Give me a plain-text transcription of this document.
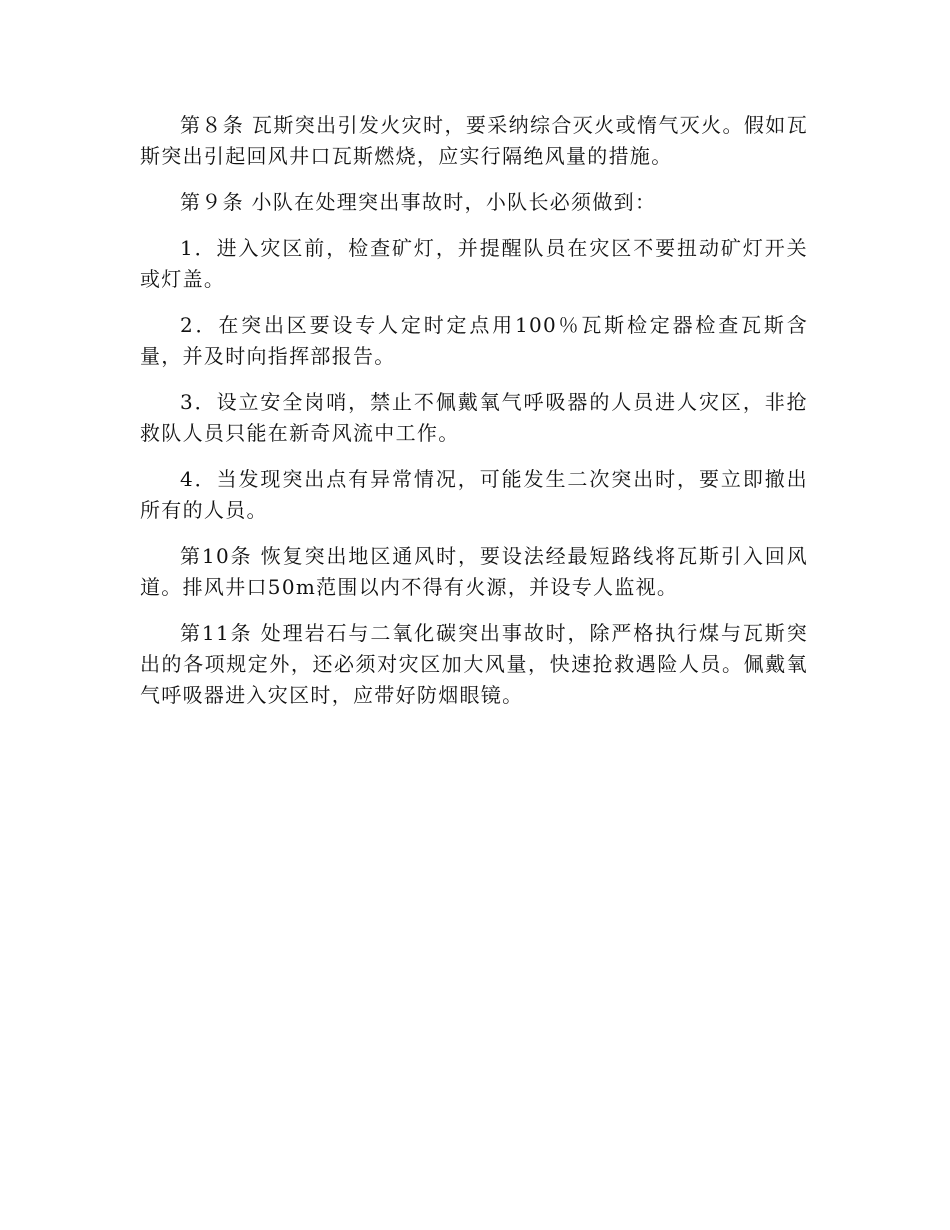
第８条 瓦斯突出引发火灾时，要采纳综合灭火或惰气灭火。假如瓦斯突出引起回风井口瓦斯燃烧，应实行隔绝风量的措施。

第９条 小队在处理突出事故时，小队长必须做到：

1．进入灾区前，检查矿灯，并提醒队员在灾区不要扭动矿灯开关或灯盖。

2．在突出区要设专人定时定点用100％瓦斯检定器检查瓦斯含量，并及时向指挥部报告。

3．设立安全岗哨，禁止不佩戴氧气呼吸器的人员进人灾区，非抢救队人员只能在新奇风流中工作。

4．当发现突出点有异常情况，可能发生二次突出时，要立即撤出所有的人员。

第10条 恢复突出地区通风时，要设法经最短路线将瓦斯引入回风道。排风井口50m范围以内不得有火源，并设专人监视。

第11条 处理岩石与二氧化碳突出事故时，除严格执行煤与瓦斯突出的各项规定外，还必须对灾区加大风量，快速抢救遇险人员。佩戴氧气呼吸器进入灾区时，应带好防烟眼镜。
